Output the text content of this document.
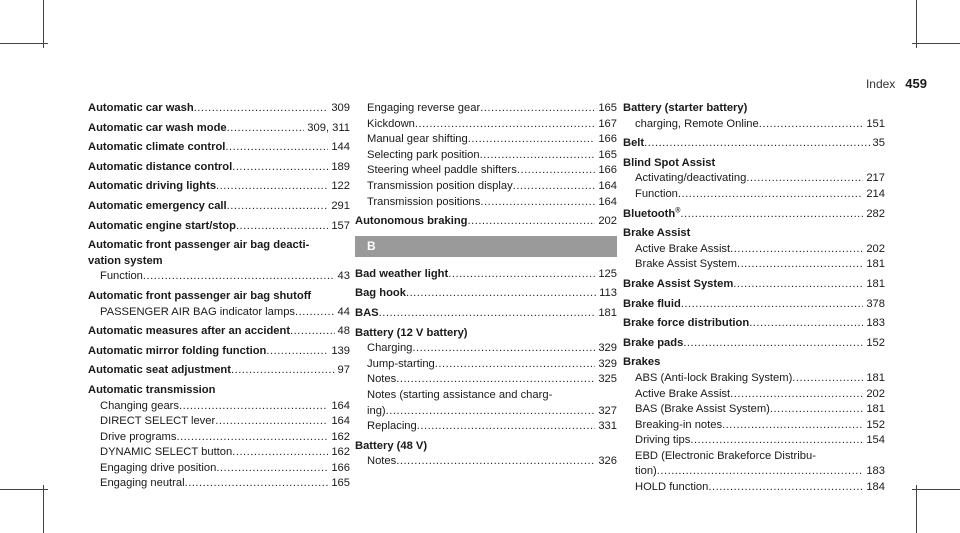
Index 459
Automatic car wash .....	309
Automatic car wash mode .....	309, 311
Automatic climate control .....	144
Automatic distance control .....	189
Automatic driving lights .....	122
Automatic emergency call .....	291
Automatic engine start/stop .....	157
Automatic front passenger air bag deacti-
vation system
Function .....	43
Automatic front passenger air bag shutoff
PASSENGER AIR BAG indicator lamps .....	44
Automatic measures after an accident .....	48
Automatic mirror folding function .....	139
Automatic seat adjustment .....	97
Automatic transmission
Changing gears .....	164
DIRECT SELECT lever .....	164
Drive programs .....	162
DYNAMIC SELECT button .....	162
Engaging drive position .....	166
Engaging neutral .....	165
Engaging reverse gear .....	165
Kickdown .....	167
Manual gear shifting .....	166
Selecting park position .....	165
Steering wheel paddle shifters .....	166
Transmission position display .....	164
Transmission positions .....	164
Autonomous braking .....	202
B
Bad weather light .....	125
Bag hook .....	113
BAS .....	181
Battery (12 V battery)
Charging .....	329
Jump-starting .....	329
Notes .....	325
Notes (starting assistance and charg-
ing) .....	327
Replacing .....	331
Battery (48 V)
Notes .....	326
Battery (starter battery)
charging, Remote Online .....	151
Belt .....	35
Blind Spot Assist
Activating/deactivating .....	217
Function .....	214
Bluetooth® .....	282
Brake Assist
Active Brake Assist .....	202
Brake Assist System .....	181
Brake Assist System .....	181
Brake fluid .....	378
Brake force distribution .....	183
Brake pads .....	152
Brakes
ABS (Anti-lock Braking System) .....	181
Active Brake Assist .....	202
BAS (Brake Assist System) .....	181
Breaking-in notes .....	152
Driving tips .....	154
EBD (Electronic Brakeforce Distribu-
tion) .....	183
HOLD function .....	184
